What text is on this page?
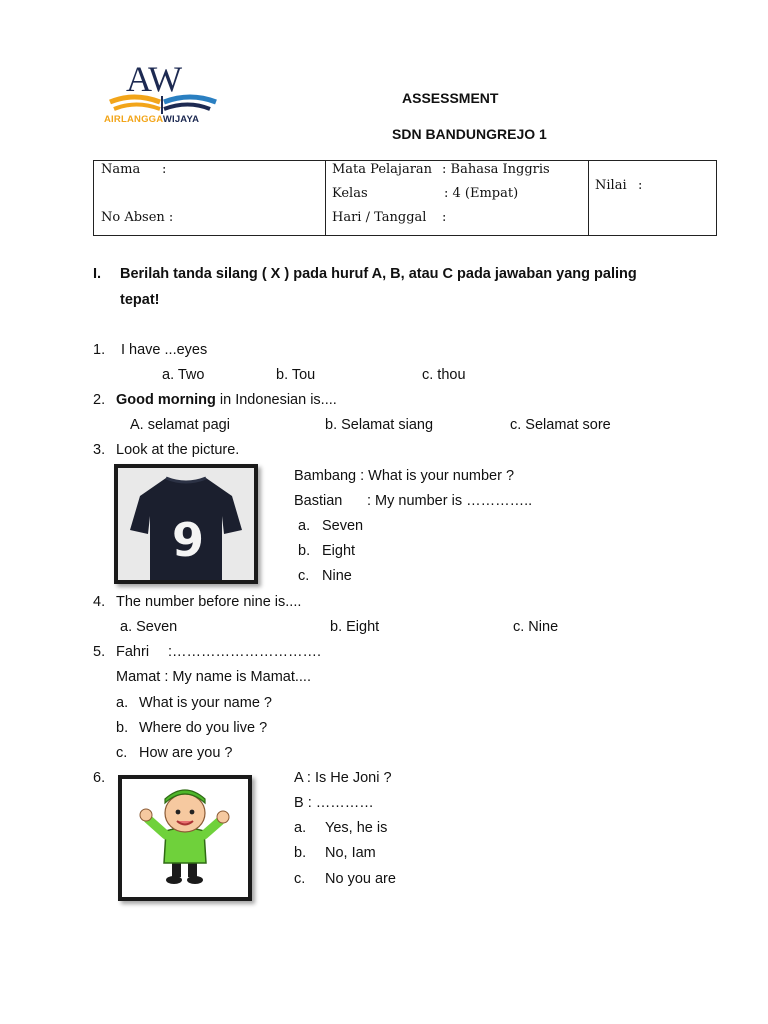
AW
AIRLANGGAWIJAYA
ASSESSMENT
SDN BANDUNGREJO 1
Nama :
No Absen :
Mata Pelajaran : Bahasa Inggris
Kelas	: 4 (Empat)
Hari / Tanggal :
Nilai :
I. Berilah tanda silang ( X ) pada huruf A, B, atau C pada jawaban yang paling
tepat!
1. I have ...eyes
a. Two	b. Tou	c. thou
2. Good morning in Indonesian is....
A. selamat pagi	b. Selamat siang	c. Selamat sore
3. Look at the picture.
9
Bambang : What is your number ?
Bastian : My number is …………..
a. Seven
b. Eight
c. Nine
4. The number before nine is....
a. Seven	b. Eight	c. Nine
5. Fahri :………………………….
Mamat : My name is Mamat....
a. What is your name ?
b. Where do you live ?
c. How are you ?
6.	A : Is He Joni ?
B : …………
a. Yes, he is
b. No, Iam
c. No you are
